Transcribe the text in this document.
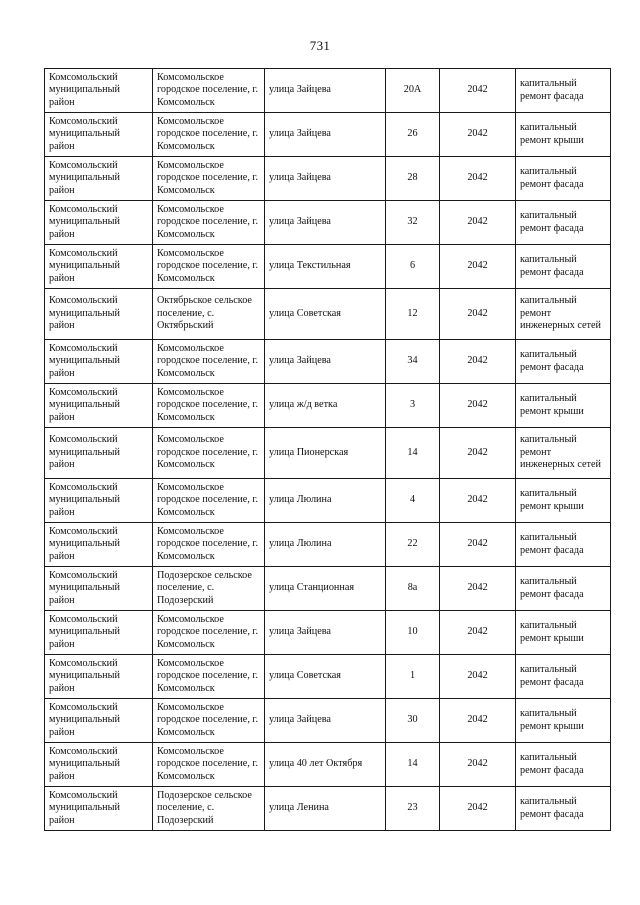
731
Комсомольский муниципальный район	Комсомольское городское поселение, г. Комсомольск	улица Зайцева	20А	2042	капитальный ремонт фасада
Комсомольский муниципальный район	Комсомольское городское поселение, г. Комсомольск	улица Зайцева	26	2042	капитальный ремонт крыши
Комсомольский муниципальный район	Комсомольское городское поселение, г. Комсомольск	улица Зайцева	28	2042	капитальный ремонт фасада
Комсомольский муниципальный район	Комсомольское городское поселение, г. Комсомольск	улица Зайцева	32	2042	капитальный ремонт фасада
Комсомольский муниципальный район	Комсомольское городское поселение, г. Комсомольск	улица Текстильная	6	2042	капитальный ремонт фасада
Комсомольский муниципальный район	Октябрьское сельское поселение, с. Октябрьский	улица Советская	12	2042	капитальный ремонт инженерных сетей
Комсомольский муниципальный район	Комсомольское городское поселение, г. Комсомольск	улица Зайцева	34	2042	капитальный ремонт фасада
Комсомольский муниципальный район	Комсомольское городское поселение, г. Комсомольск	улица ж/д ветка	3	2042	капитальный ремонт крыши
Комсомольский муниципальный район	Комсомольское городское поселение, г. Комсомольск	улица Пионерская	14	2042	капитальный ремонт инженерных сетей
Комсомольский муниципальный район	Комсомольское городское поселение, г. Комсомольск	улица Люлина	4	2042	капитальный ремонт крыши
Комсомольский муниципальный район	Комсомольское городское поселение, г. Комсомольск	улица Люлина	22	2042	капитальный ремонт фасада
Комсомольский муниципальный район	Подозерское сельское поселение, с. Подозерский	улица Станционная	8а	2042	капитальный ремонт фасада
Комсомольский муниципальный район	Комсомольское городское поселение, г. Комсомольск	улица Зайцева	10	2042	капитальный ремонт крыши
Комсомольский муниципальный район	Комсомольское городское поселение, г. Комсомольск	улица Советская	1	2042	капитальный ремонт фасада
Комсомольский муниципальный район	Комсомольское городское поселение, г. Комсомольск	улица Зайцева	30	2042	капитальный ремонт крыши
Комсомольский муниципальный район	Комсомольское городское поселение, г. Комсомольск	улица 40 лет Октября	14	2042	капитальный ремонт фасада
Комсомольский муниципальный район	Подозерское сельское поселение, с. Подозерский	улица Ленина	23	2042	капитальный ремонт фасада
